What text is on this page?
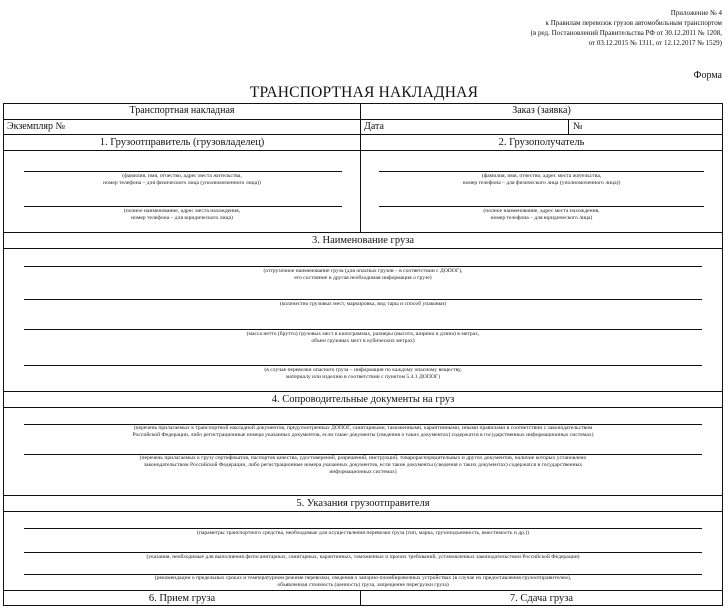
Приложение № 4
к Правилам перевозок грузов автомобильным транспортом
(в ред. Постановлений Правительства РФ от 30.12.2011 № 1208,
от 03.12.2015 № 1311, от 12.12.2017 № 1529)
Форма
ТРАНСПОРТНАЯ НАКЛАДНАЯ
Транспортная накладная	Заказ (заявка)
Экземпляр №	Дата	№
1. Грузоотправитель (грузовладелец)	2. Грузополучатель
(фамилия, имя, отчество, адрес места жительства,
номер телефона – для физического лица (уполномоченного лица))
(полное наименование, адрес места нахождения,
номер телефона – для юридического лица)
(фамилия, имя, отчество, адрес места жительства,
номер телефона – для физического лица (уполномоченного лица))
(полное наименование, адрес места нахождения,
номер телефона – для юридического лица)
3. Наименование груза
(отгрузочное наименование груза (для опасных грузов – в соответствии с ДОПОГ),
его состояние и другая необходимая информация о грузе)
(количество грузовых мест, маркировка, вид тары и способ упаковки)
(масса нетто (брутто) грузовых мест в килограммах, размеры (высота, ширина и длина) в метрах,
объем грузовых мест в кубических метрах)
(в случае перевозки опасного груза – информация по каждому опасному веществу,
материалу или изделию в соответствии с пунктом 5.4.1 ДОПОГ)
4. Сопроводительные документы на груз
(перечень прилагаемых к транспортной накладной документов, предусмотренных ДОПОГ, санитарными, таможенными, карантинными, иными правилами в соответствии с законодательством
Российской Федерации, либо регистрационные номера указанных документов, если такие документы (сведения о таких документах) содержатся в государственных информационных системах)
(перечень прилагаемых к грузу сертификатов, паспортов качества, удостоверений, разрешений, инструкций, товарораспорядительных и других документов, наличие которых установлено
законодательством Российской Федерации, либо регистрационные номера указанных документов, если такие документы (сведения о таких документах) содержатся в государственных
информационных системах)
5. Указания грузоотправителя
(параметры транспортного средства, необходимые для осуществления перевозки груза (тип, марка, грузоподъемность, вместимость и др.))
(указания, необходимые для выполнения фитосанитарных, санитарных, карантинных, таможенных и прочих требований, установленных законодательством Российской Федерации)
(рекомендации о предельных сроках и температурном режиме перевозки, сведения о запорно-пломбировочных устройствах (в случае их предоставления грузоотправителем),
объявленная стоимость (ценность) груза, запрещение перегрузки груза)
6. Прием груза	7. Сдача груза
